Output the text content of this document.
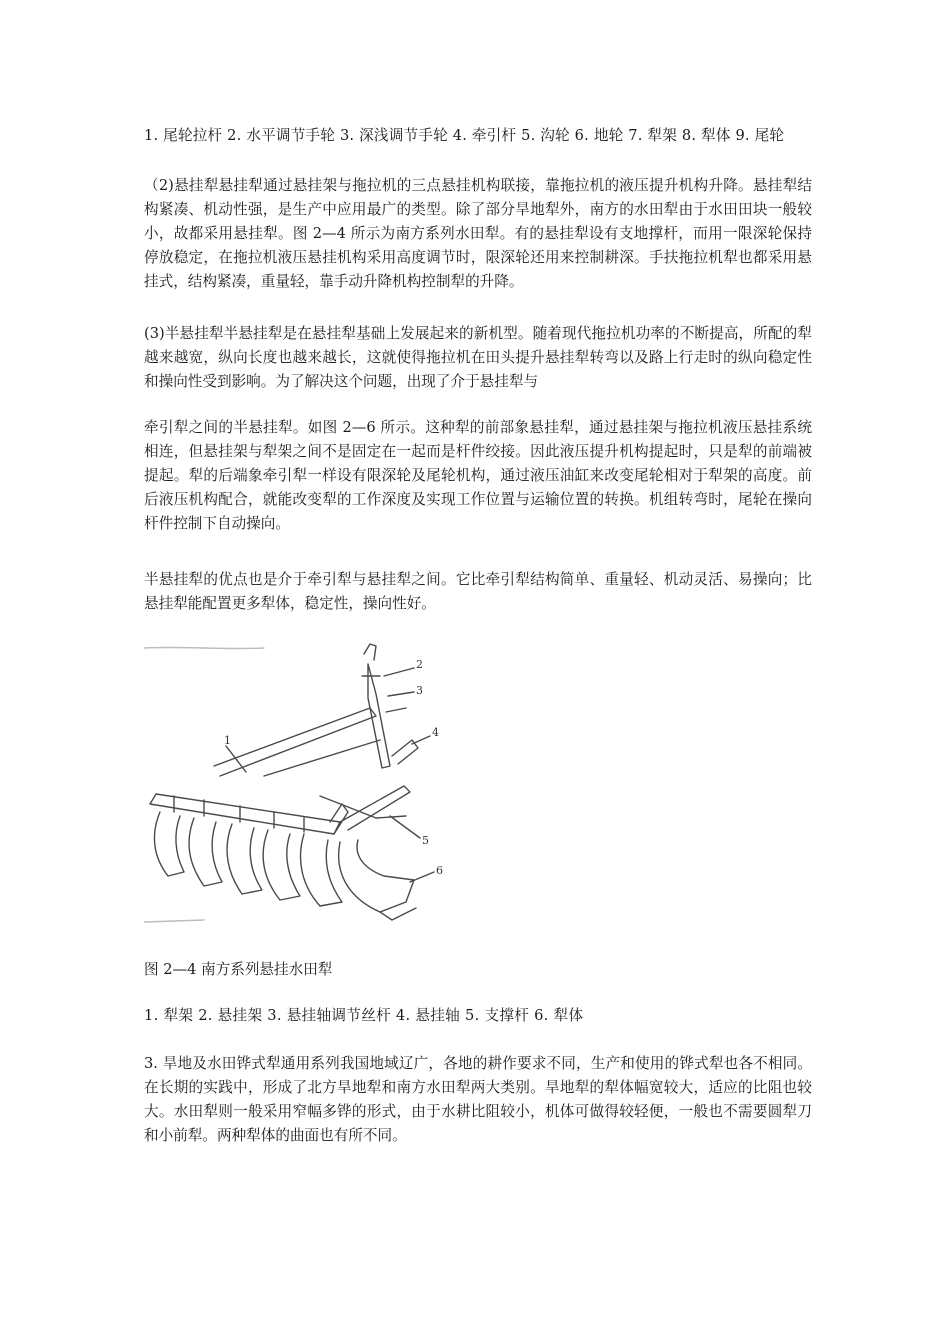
1. 尾轮拉杆 2. 水平调节手轮 3. 深浅调节手轮 4. 牵引杆 5. 沟轮 6. 地轮 7. 犁架 8. 犁体 9. 尾轮
（2)悬挂犁悬挂犁通过悬挂架与拖拉机的三点悬挂机构联接，靠拖拉机的液压提升机构升降。悬挂犁结构紧凑、机动性强，是生产中应用最广的类型。除了部分旱地犁外，南方的水田犁由于水田田块一般较小，故都采用悬挂犁。图 2—4 所示为南方系列水田犁。有的悬挂犁设有支地撑杆，而用一限深轮保持停放稳定，在拖拉机液压悬挂机构采用高度调节时，限深轮还用来控制耕深。手扶拖拉机犁也都采用悬挂式，结构紧凑，重量轻，靠手动升降机构控制犁的升降。
(3)半悬挂犁半悬挂犁是在悬挂犁基础上发展起来的新机型。随着现代拖拉机功率的不断提高，所配的犁越来越宽，纵向长度也越来越长，这就使得拖拉机在田头提升悬挂犁转弯以及路上行走时的纵向稳定性和操向性受到影响。为了解决这个问题，出现了介于悬挂犁与
牵引犁之间的半悬挂犁。如图 2—6 所示。这种犁的前部象悬挂犁，通过悬挂架与拖拉机液压悬挂系统相连，但悬挂架与犁架之间不是固定在一起而是杆件绞接。因此液压提升机构提起时，只是犁的前端被提起。犁的后端象牵引犁一样设有限深轮及尾轮机构，通过液压油缸来改变尾轮相对于犁架的高度。前后液压机构配合，就能改变犁的工作深度及实现工作位置与运输位置的转换。机组转弯时，尾轮在操向杆件控制下自动操向。
半悬挂犁的优点也是介于牵引犁与悬挂犁之间。它比牵引犁结构简单、重量轻、机动灵活、易操向；比悬挂犁能配置更多犁体，稳定性，操向性好。
1
2
3
4
5
6
图 2—4 南方系列悬挂水田犁
1. 犁架 2. 悬挂架 3. 悬挂轴调节丝杆 4. 悬挂轴 5. 支撑杆 6. 犁体
3. 旱地及水田铧式犁通用系列我国地域辽广，各地的耕作要求不同，生产和使用的铧式犁也各不相同。在长期的实践中，形成了北方旱地犁和南方水田犁两大类别。旱地犁的犁体幅宽较大，适应的比阻也较大。水田犁则一般采用窄幅多铧的形式，由于水耕比阻较小，机体可做得较轻便，一般也不需要圆犁刀和小前犁。两种犁体的曲面也有所不同。
